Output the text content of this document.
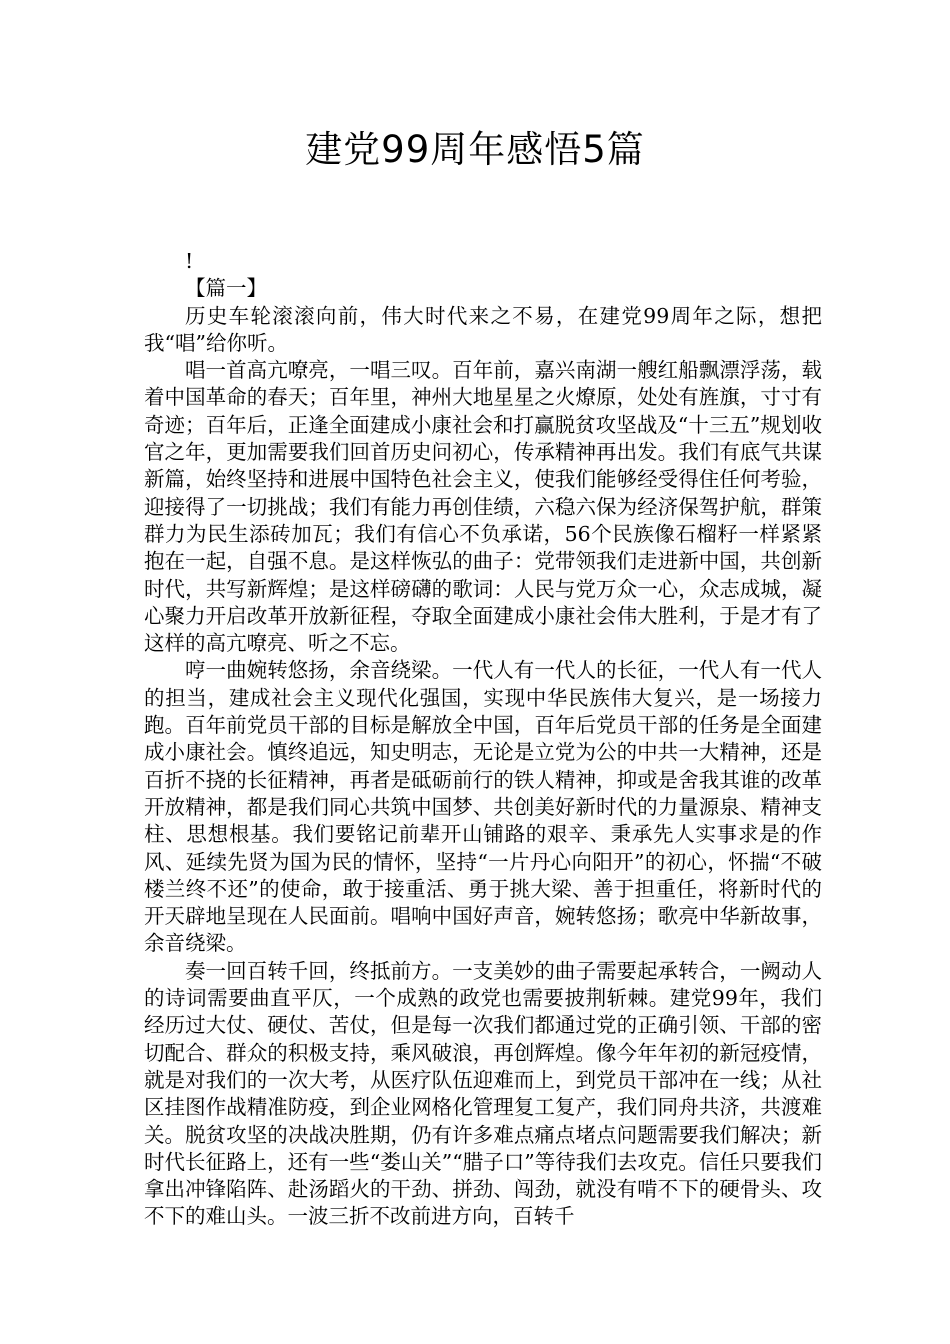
建党99周年感悟5篇

!

【篇一】

历史车轮滚滚向前，伟大时代来之不易，在建党99周年之际，想把我“唱”给你听。

唱一首高亢嘹亮，一唱三叹。百年前，嘉兴南湖一艘红船飘漂浮荡，载着中国革命的春天；百年里，神州大地星星之火燎原，处处有旌旗，寸寸有奇迹；百年后，正逢全面建成小康社会和打赢脱贫攻坚战及“十三五”规划收官之年，更加需要我们回首历史问初心，传承精神再出发。我们有底气共谋新篇，始终坚持和进展中国特色社会主义，使我们能够经受得住任何考验，迎接得了一切挑战；我们有能力再创佳绩，六稳六保为经济保驾护航，群策群力为民生添砖加瓦；我们有信心不负承诺，56个民族像石榴籽一样紧紧抱在一起，自强不息。是这样恢弘的曲子：党带领我们走进新中国，共创新时代，共写新辉煌；是这样磅礴的歌词：人民与党万众一心，众志成城，凝心聚力开启改革开放新征程，夺取全面建成小康社会伟大胜利，于是才有了这样的高亢嘹亮、听之不忘。

哼一曲婉转悠扬，余音绕梁。一代人有一代人的长征，一代人有一代人的担当，建成社会主义现代化强国，实现中华民族伟大复兴，是一场接力跑。百年前党员干部的目标是解放全中国，百年后党员干部的任务是全面建成小康社会。慎终追远，知史明志，无论是立党为公的中共一大精神，还是百折不挠的长征精神，再者是砥砺前行的铁人精神，抑或是舍我其谁的改革开放精神，都是我们同心共筑中国梦、共创美好新时代的力量源泉、精神支柱、思想根基。我们要铭记前辈开山铺路的艰辛、秉承先人实事求是的作风、延续先贤为国为民的情怀，坚持“一片丹心向阳开”的初心，怀揣“不破楼兰终不还”的使命，敢于接重活、勇于挑大梁、善于担重任，将新时代的开天辟地呈现在人民面前。唱响中国好声音，婉转悠扬；歌亮中华新故事，余音绕梁。

奏一回百转千回，终抵前方。一支美妙的曲子需要起承转合，一阙动人的诗词需要曲直平仄，一个成熟的政党也需要披荆斩棘。建党99年，我们经历过大仗、硬仗、苦仗，但是每一次我们都通过党的正确引领、干部的密切配合、群众的积极支持，乘风破浪，再创辉煌。像今年年初的新冠疫情，就是对我们的一次大考，从医疗队伍迎难而上，到党员干部冲在一线；从社区挂图作战精准防疫，到企业网格化管理复工复产，我们同舟共济，共渡难关。脱贫攻坚的决战决胜期，仍有许多难点痛点堵点问题需要我们解决；新时代长征路上，还有一些“娄山关”“腊子口”等待我们去攻克。信任只要我们拿出冲锋陷阵、赴汤蹈火的干劲、拼劲、闯劲，就没有啃不下的硬骨头、攻不下的难山头。一波三折不改前进方向，百转千
